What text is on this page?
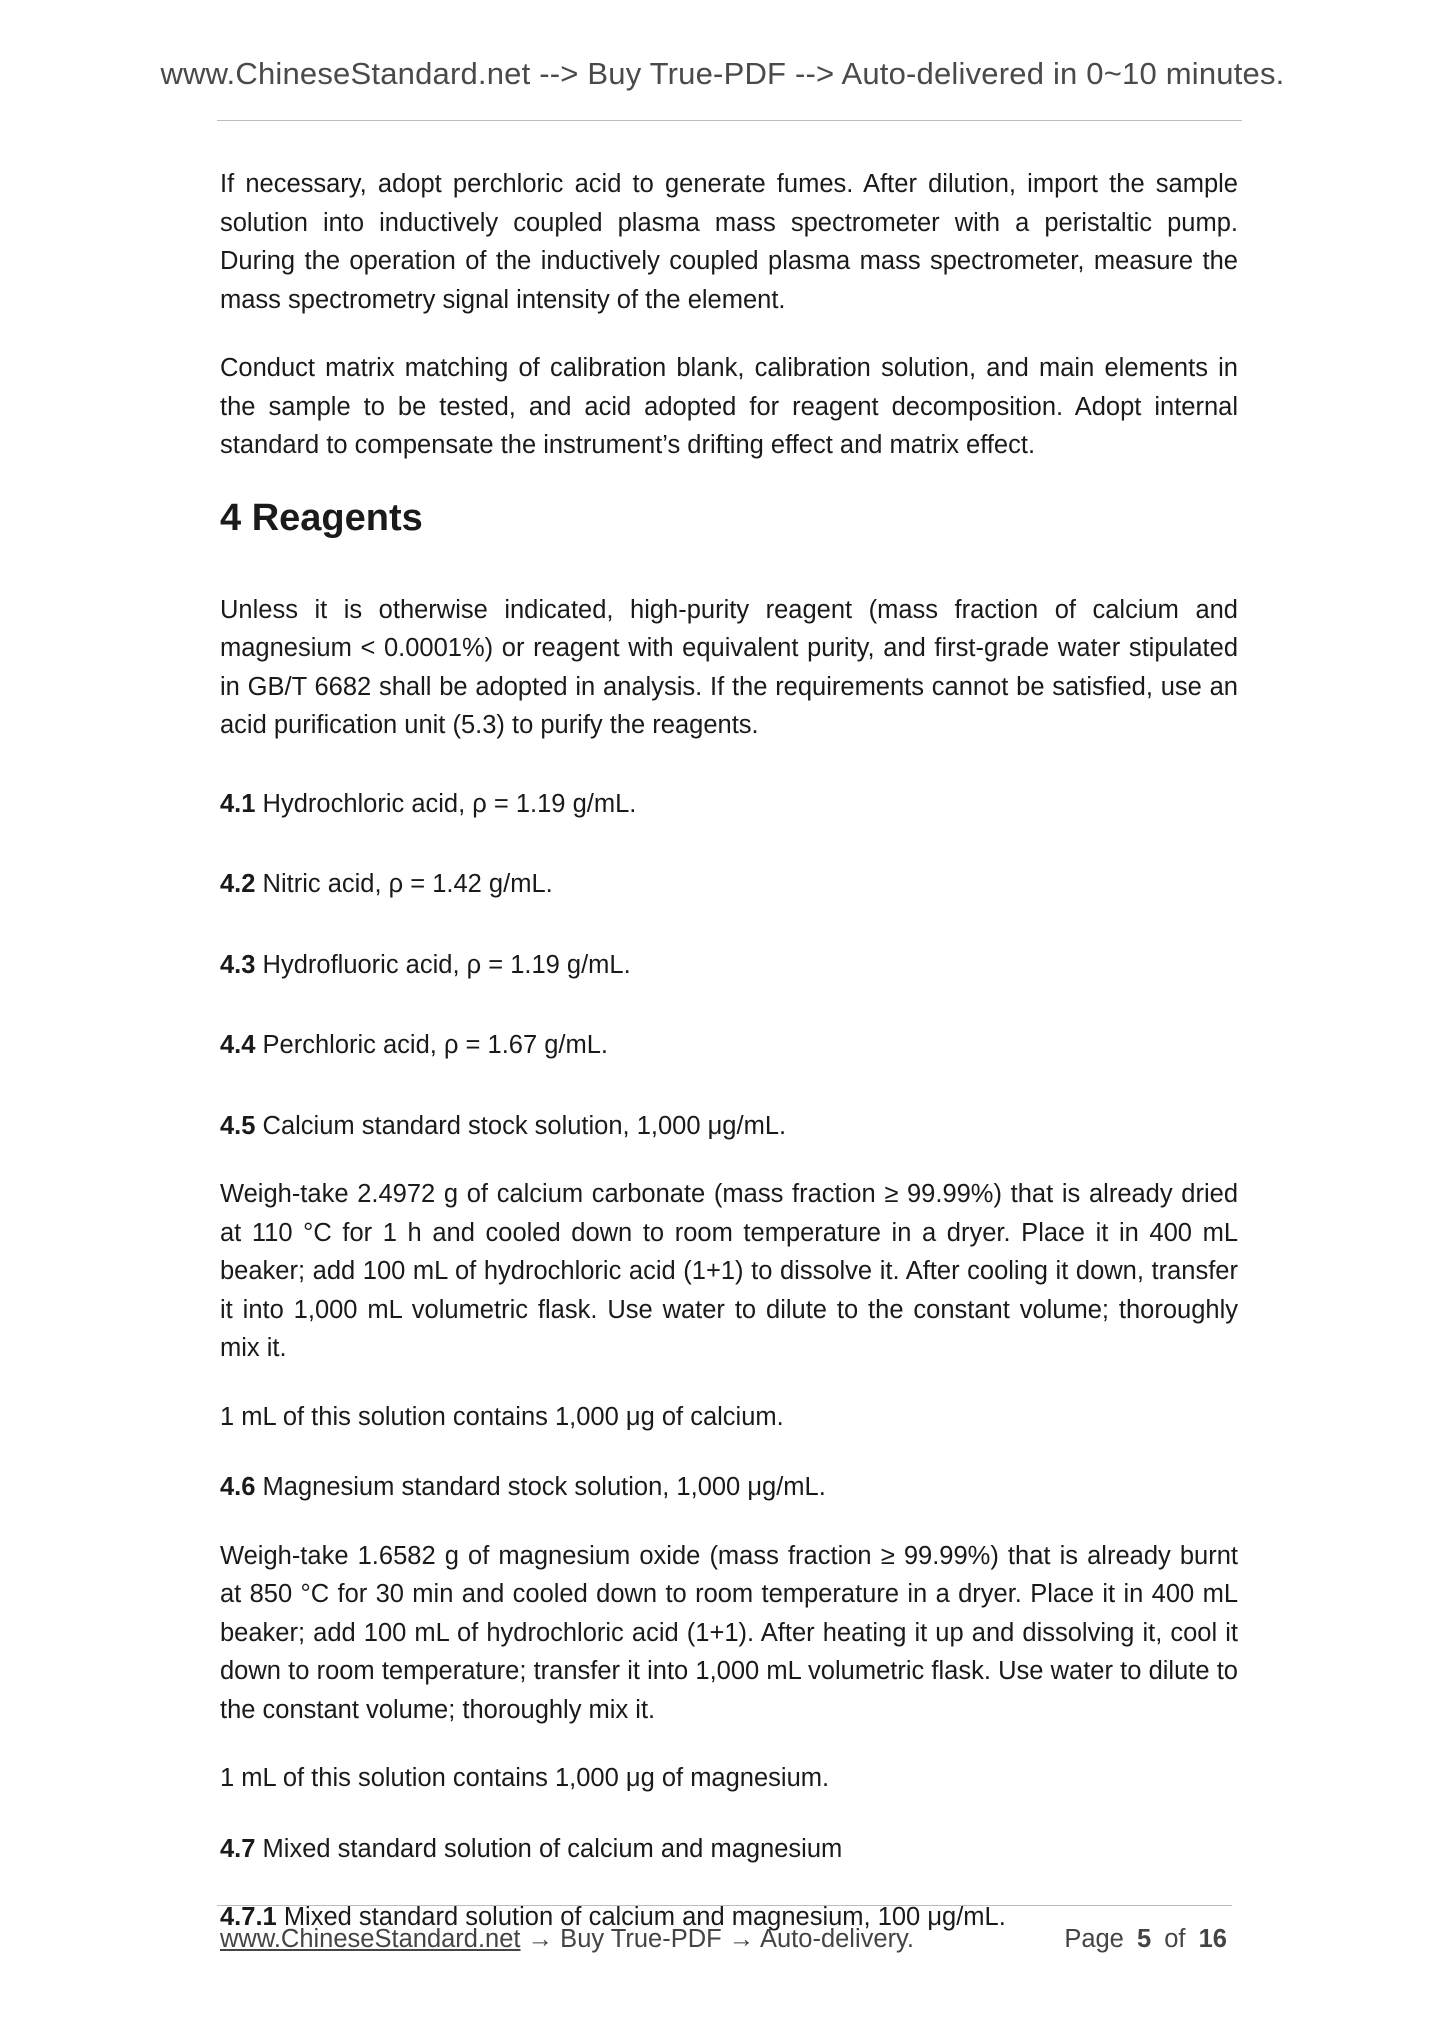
www.ChineseStandard.net --> Buy True-PDF --> Auto-delivered in 0~10 minutes.

If necessary, adopt perchloric acid to generate fumes. After dilution, import the sample solution into inductively coupled plasma mass spectrometer with a peristaltic pump. During the operation of the inductively coupled plasma mass spectrometer, measure the mass spectrometry signal intensity of the element.

Conduct matrix matching of calibration blank, calibration solution, and main elements in the sample to be tested, and acid adopted for reagent decomposition. Adopt internal standard to compensate the instrument’s drifting effect and matrix effect.

4 Reagents

Unless it is otherwise indicated, high-purity reagent (mass fraction of calcium and magnesium < 0.0001%) or reagent with equivalent purity, and first-grade water stipulated in GB/T 6682 shall be adopted in analysis. If the requirements cannot be satisfied, use an acid purification unit (5.3) to purify the reagents.

4.1 Hydrochloric acid, ρ = 1.19 g/mL.

4.2 Nitric acid, ρ = 1.42 g/mL.

4.3 Hydrofluoric acid, ρ = 1.19 g/mL.

4.4 Perchloric acid, ρ = 1.67 g/mL.

4.5 Calcium standard stock solution, 1,000 μg/mL.

Weigh-take 2.4972 g of calcium carbonate (mass fraction ≥ 99.99%) that is already dried at 110 °C for 1 h and cooled down to room temperature in a dryer. Place it in 400 mL beaker; add 100 mL of hydrochloric acid (1+1) to dissolve it. After cooling it down, transfer it into 1,000 mL volumetric flask. Use water to dilute to the constant volume; thoroughly mix it.

1 mL of this solution contains 1,000 μg of calcium.

4.6 Magnesium standard stock solution, 1,000 μg/mL.

Weigh-take 1.6582 g of magnesium oxide (mass fraction ≥ 99.99%) that is already burnt at 850 °C for 30 min and cooled down to room temperature in a dryer. Place it in 400 mL beaker; add 100 mL of hydrochloric acid (1+1). After heating it up and dissolving it, cool it down to room temperature; transfer it into 1,000 mL volumetric flask. Use water to dilute to the constant volume; thoroughly mix it.

1 mL of this solution contains 1,000 μg of magnesium.

4.7 Mixed standard solution of calcium and magnesium

4.7.1 Mixed standard solution of calcium and magnesium, 100 μg/mL.

www.ChineseStandard.net → Buy True-PDF → Auto-delivery.	Page 5 of 16
